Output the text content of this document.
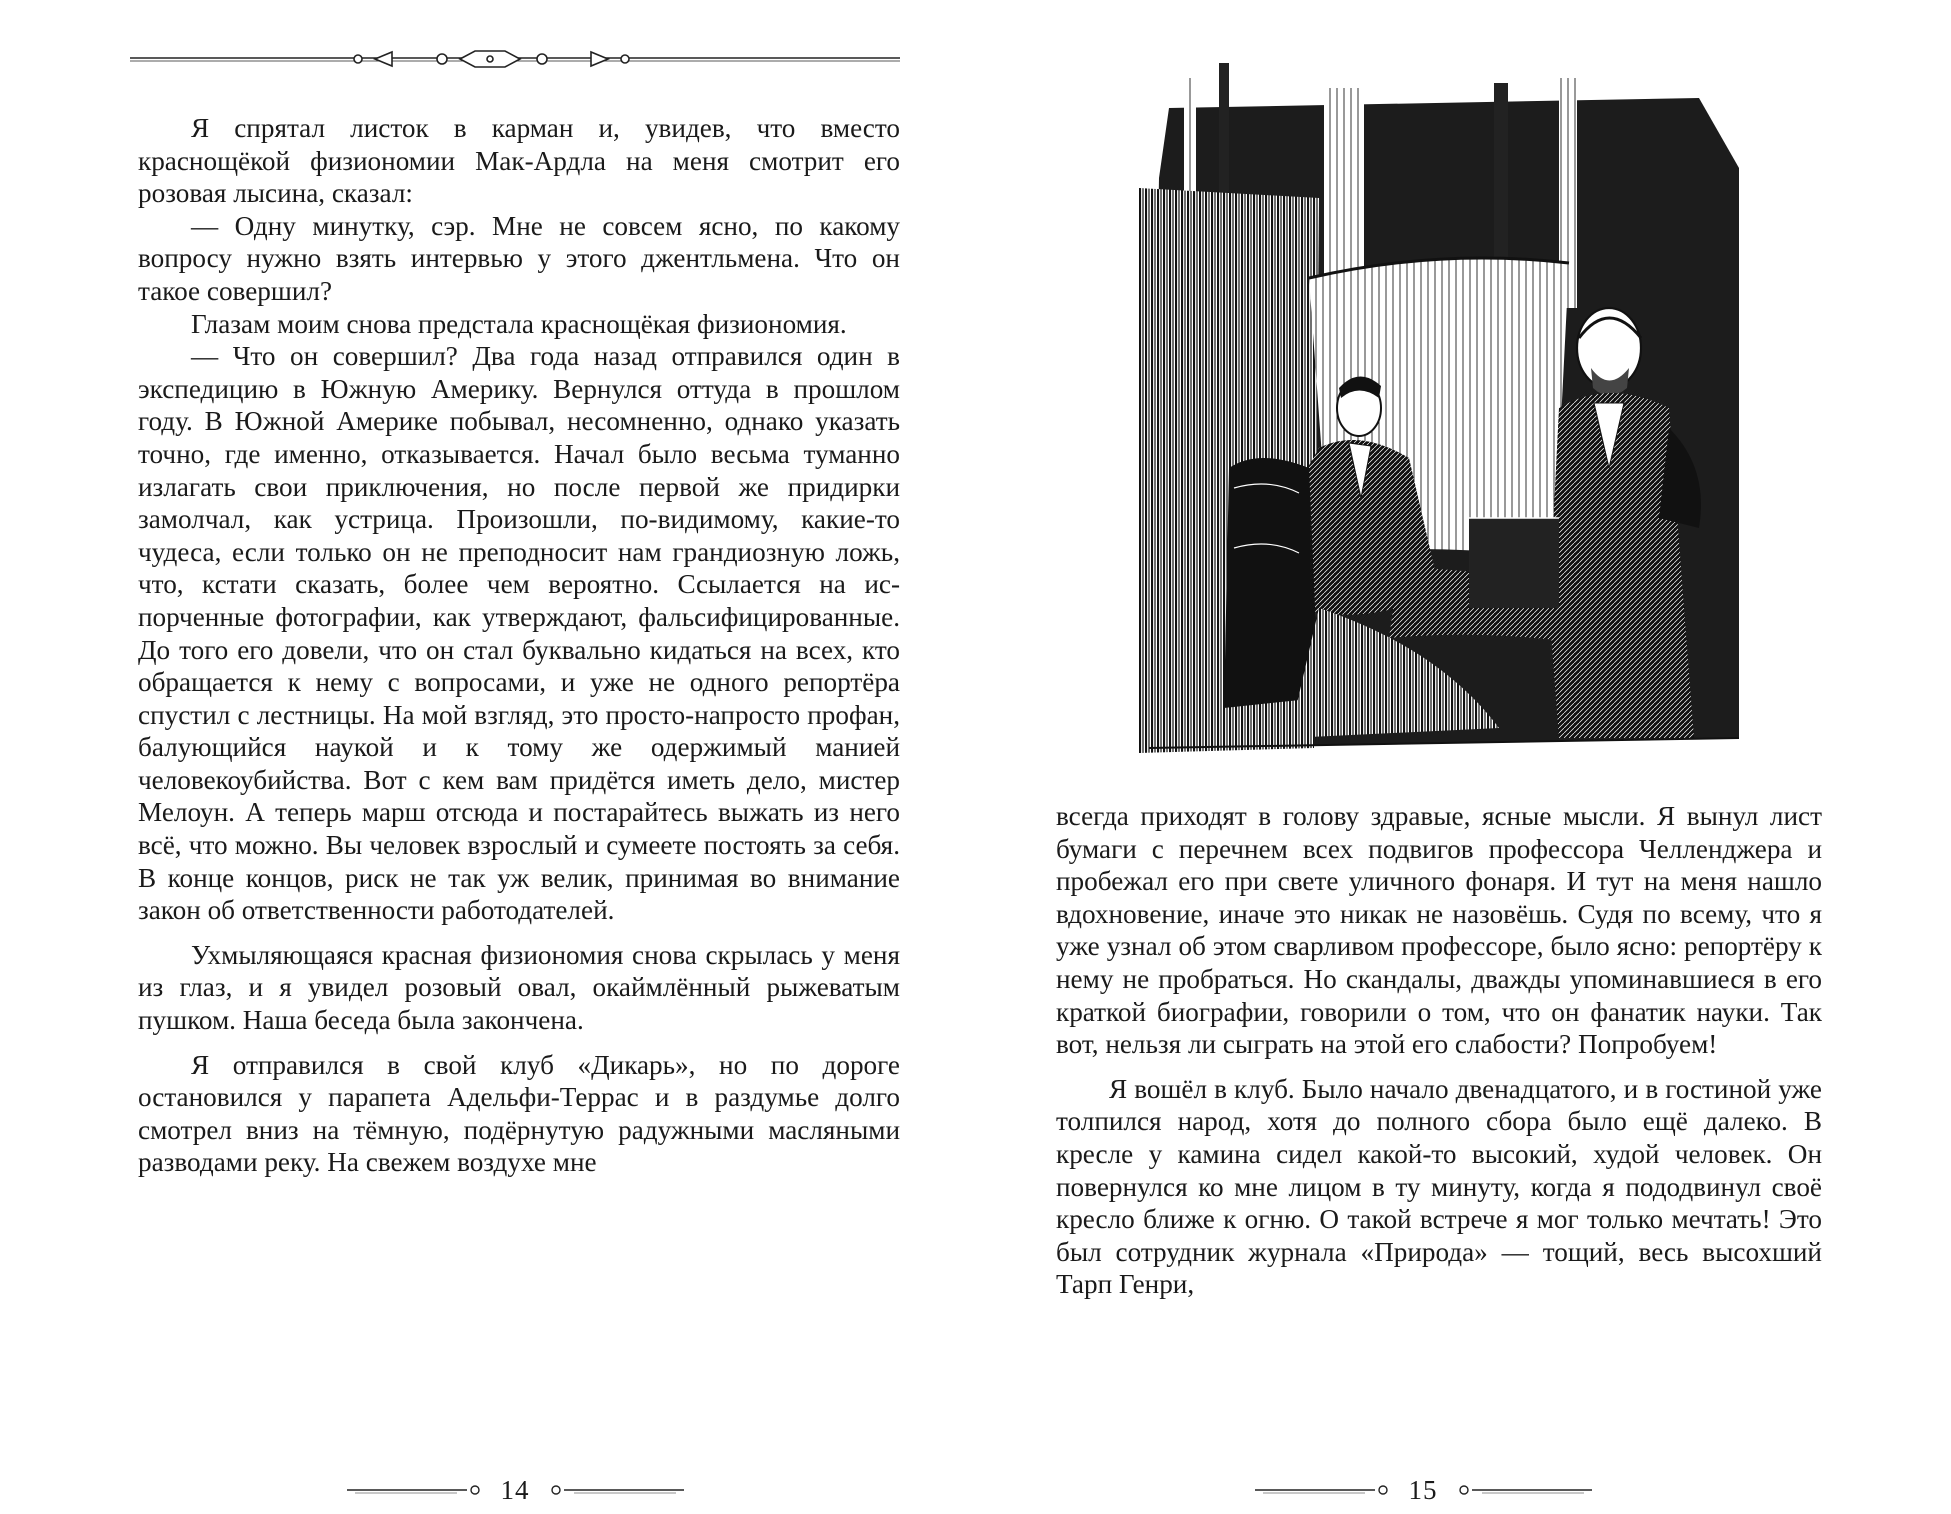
Я спрятал листок в карман и, увидев, что вместо краснощёкой физиономии Мак-Ардла на меня смотрит его розовая лысина, сказал:

— Одну минутку, сэр. Мне не совсем ясно, по какому вопросу нужно взять интервью у этого джентльмена. Что он такое совершил?

Глазам моим снова предстала краснощёкая физиономия.

— Что он совершил? Два года назад отправился один в экспедицию в Южную Америку. Вернулся оттуда в прошлом году. В Южной Америке побывал, несомненно, однако указать точно, где именно, отказывается. Начал было весьма туманно излагать свои приключения, но после первой же придирки замолчал, как устрица. Произошли, по-видимому, какие-то чудеса, если только он не преподносит нам грандиозную ложь, что, кстати сказать, более чем вероятно. Ссылается на испорченные фотографии, как утверждают, фальсифицированные. До того его довели, что он стал буквально кидаться на всех, кто обращается к нему с вопросами, и уже не одного репортёра спустил с лестницы. На мой взгляд, это просто-напросто профан, балующийся наукой и к тому же одержимый манией человекоубийства. Вот с кем вам придётся иметь дело, мистер Мелоун. А теперь марш отсюда и постарайтесь выжать из него всё, что можно. Вы человек взрослый и сумеете постоять за себя. В конце концов, риск не так уж велик, принимая во внимание закон об ответственности работодателей.

Ухмыляющаяся красная физиономия снова скрылась у меня из глаз, и я увидел розовый овал, окаймлённый рыжеватым пушком. Наша беседа была закончена.

Я отправился в свой клуб «Дикарь», но по дороге остановился у парапета Адельфи-Террас и в раздумье долго смотрел вниз на тёмную, подёрнутую радужными масляными разводами реку. На свежем воздухе мне

14

всегда приходят в голову здравые, ясные мысли. Я вынул лист бумаги с перечнем всех подвигов профессора Челленджера и пробежал его при свете уличного фонаря. И тут на меня нашло вдохновение, иначе это никак не назовёшь. Судя по всему, что я уже узнал об этом сварливом профессоре, было ясно: репортёру к нему не пробраться. Но скандалы, дважды упоминавшиеся в его краткой биографии, говорили о том, что он фанатик науки. Так вот, нельзя ли сыграть на этой его слабости? Попробуем!

Я вошёл в клуб. Было начало двенадцатого, и в гостиной уже толпился народ, хотя до полного сбора было ещё далеко. В кресле у камина сидел какой-то высокий, худой человек. Он повернулся ко мне лицом в ту минуту, когда я пододвинул своё кресло ближе к огню. О такой встрече я мог только мечтать! Это был сотрудник журнала «Природа» — тощий, весь высохший Тарп Генри,

15
